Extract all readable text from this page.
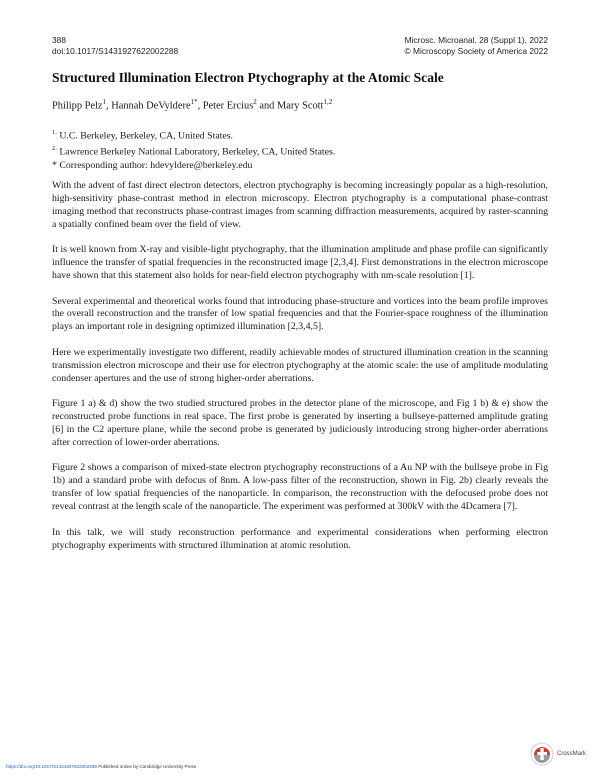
388
doi:10.1017/S1431927622002288
Microsc. Microanal. 28 (Suppl 1), 2022
© Microscopy Society of America 2022
Structured Illumination Electron Ptychography at the Atomic Scale
Philipp Pelz$^1$, Hannah DeVyldere$^{1*}$, Peter Ercius$^2$ and Mary Scott$^{1,2}$
$^{1.}$ U.C. Berkeley, Berkeley, CA, United States.
$^{2.}$ Lawrence Berkeley National Laboratory, Berkeley, CA, United States.
* Corresponding author: hdevyldere@berkeley.edu

With the advent of fast direct electron detectors, electron ptychography is becoming increasingly popular as a high-resolution, high-sensitivity phase-contrast method in electron microscopy. Electron ptychography is a computational phase-contrast imaging method that reconstructs phase-contrast images from scanning diffraction measurements, acquired by raster-scanning a spatially confined beam over the field of view.

It is well known from X-ray and visible-light ptychography, that the illumination amplitude and phase profile can significantly influence the transfer of spatial frequencies in the reconstructed image [2,3,4]. First demonstrations in the electron microscope have shown that this statement also holds for near-field electron ptychography with nm-scale resolution [1].

Several experimental and theoretical works found that introducing phase-structure and vortices into the beam profile improves the overall reconstruction and the transfer of low spatial frequencies and that the Fourier-space roughness of the illumination plays an important role in designing optimized illumination [2,3,4,5].

Here we experimentally investigate two different, readily achievable modes of structured illumination creation in the scanning transmission electron microscope and their use for electron ptychography at the atomic scale: the use of amplitude modulating condenser apertures and the use of strong higher-order aberrations.

Figure 1 a) & d) show the two studied structured probes in the detector plane of the microscope, and Fig 1 b) & e) show the reconstructed probe functions in real space. The first probe is generated by inserting a bullseye-patterned amplitude grating [6] in the C2 aperture plane, while the second probe is generated by judiciously introducing strong higher-order aberrations after correction of lower-order aberrations.

Figure 2 shows a comparison of mixed-state electron ptychography reconstructions of a Au NP with the bullseye probe in Fig 1b) and a standard probe with defocus of 8nm. A low-pass filter of the reconstruction, shown in Fig. 2b) clearly reveals the transfer of low spatial frequencies of the nanoparticle. In comparison, the reconstruction with the defocused probe does not reveal contrast at the length scale of the nanoparticle. The experiment was performed at 300kV with the 4Dcamera [7].

In this talk, we will study reconstruction performance and experimental considerations when performing electron ptychography experiments with structured illumination at atomic resolution.

https://doi.org/10.1017/S1431927622002288 Published online by Cambridge University Press
CrossMark
